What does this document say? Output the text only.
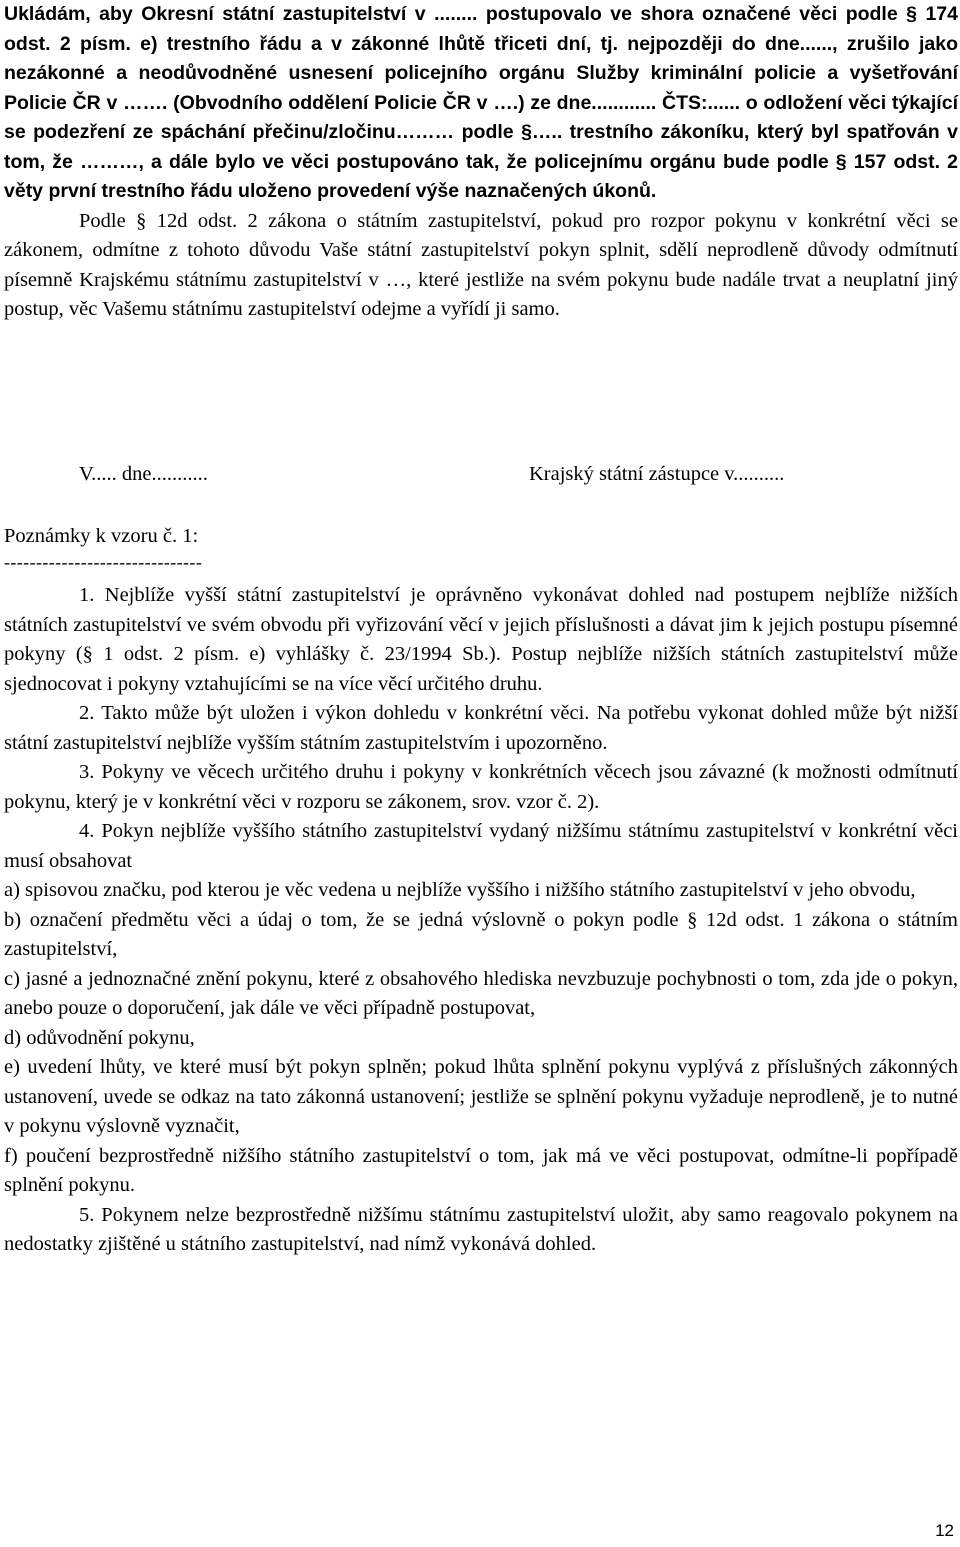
Ukládám, aby Okresní státní zastupitelství v ........ postupovalo ve shora označené věci podle § 174 odst. 2 písm. e) trestního řádu a v zákonné lhůtě třiceti dní, tj. nejpozději do dne......, zrušilo jako nezákonné a neodůvodněné usnesení policejního orgánu Služby kriminální policie a vyšetřování Policie ČR v ……. (Obvodního oddělení Policie ČR v ….) ze dne............ ČTS:...... o odložení věci týkající se podezření ze spáchání přečinu/zločinu……… podle §….. trestního zákoníku, který byl spatřován v tom, že ………, a dále bylo ve věci postupováno tak, že policejnímu orgánu bude podle § 157 odst. 2 věty první trestního řádu uloženo provedení výše naznačených úkonů.

Podle § 12d odst. 2 zákona o státním zastupitelství, pokud pro rozpor pokynu v konkrétní věci se zákonem, odmítne z tohoto důvodu Vaše státní zastupitelství pokyn splnit, sdělí neprodleně důvody odmítnutí písemně Krajskému státnímu zastupitelství v …, které jestliže na svém pokynu bude nadále trvat a neuplatní jiný postup, věc Vašemu státnímu zastupitelství odejme a vyřídí ji samo.

V..... dne...........	Krajský státní zástupce v..........
Poznámky k vzoru č. 1:
-------------------------------

1. Nejblíže vyšší státní zastupitelství je oprávněno vykonávat dohled nad postupem nejblíže nižších státních zastupitelství ve svém obvodu při vyřizování věcí v jejich příslušnosti a dávat jim k jejich postupu písemné pokyny (§ 1 odst. 2 písm. e) vyhlášky č. 23/1994 Sb.). Postup nejblíže nižších státních zastupitelství může sjednocovat i pokyny vztahujícími se na více věcí určitého druhu.

2. Takto může být uložen i výkon dohledu v konkrétní věci. Na potřebu vykonat dohled může být nižší státní zastupitelství nejblíže vyšším státním zastupitelstvím i upozorněno.

3. Pokyny ve věcech určitého druhu i pokyny v konkrétních věcech jsou závazné (k možnosti odmítnutí pokynu, který je v konkrétní věci v rozporu se zákonem, srov. vzor č. 2).

4. Pokyn nejblíže vyššího státního zastupitelství vydaný nižšímu státnímu zastupitelství v konkrétní věci musí obsahovat

a) spisovou značku, pod kterou je věc vedena u nejblíže vyššího i nižšího státního zastupitelství v jeho obvodu,

b) označení předmětu věci a údaj o tom, že se jedná výslovně o pokyn podle § 12d odst. 1 zákona o státním zastupitelství,

c) jasné a jednoznačné znění pokynu, které z obsahového hlediska nevzbuzuje pochybnosti o tom, zda jde o pokyn, anebo pouze o doporučení, jak dále ve věci případně postupovat,

d) odůvodnění pokynu,

e) uvedení lhůty, ve které musí být pokyn splněn; pokud lhůta splnění pokynu vyplývá z příslušných zákonných ustanovení, uvede se odkaz na tato zákonná ustanovení; jestliže se splnění pokynu vyžaduje neprodleně, je to nutné v pokynu výslovně vyznačit,

f) poučení bezprostředně nižšího státního zastupitelství o tom, jak má ve věci postupovat, odmítne-li popřípadě splnění pokynu.

5. Pokynem nelze bezprostředně nižšímu státnímu zastupitelství uložit, aby samo reagovalo pokynem na nedostatky zjištěné u státního zastupitelství, nad nímž vykonává dohled.

12
